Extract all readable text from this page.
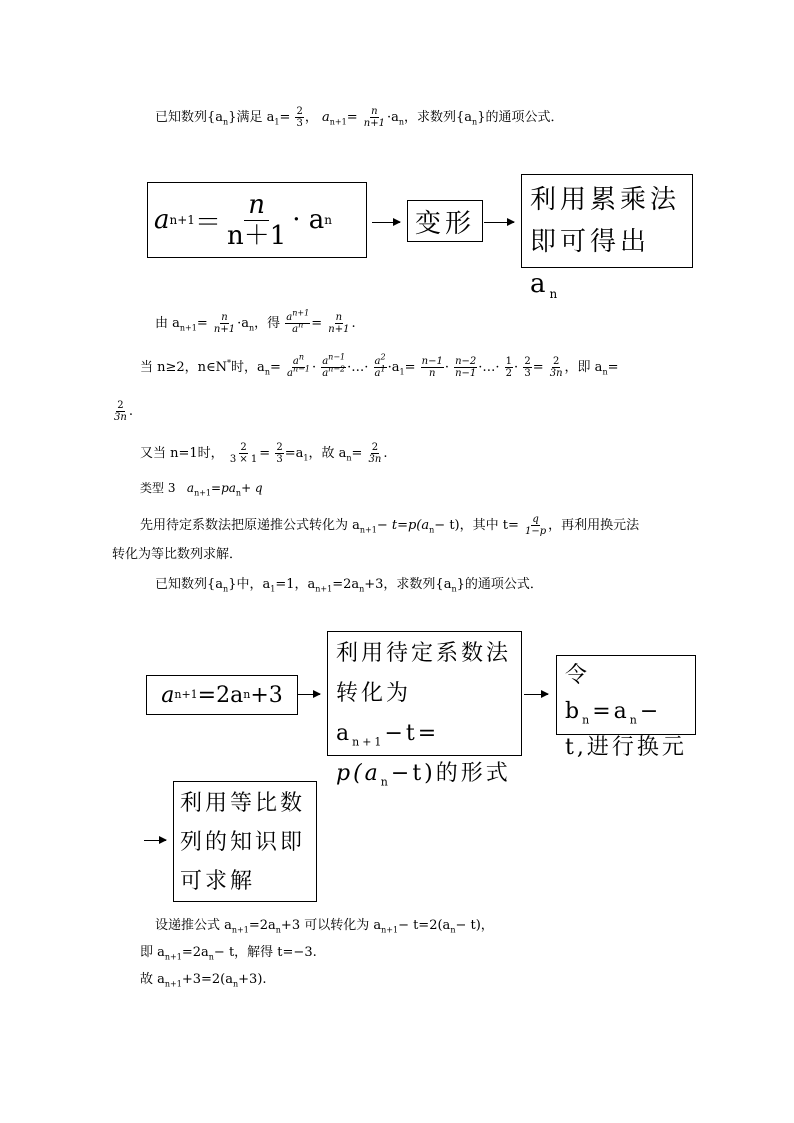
已知数列$\{a_n\}$满足 $a_1= \frac{2}{3}$ ， $a_{n+1}= \frac{n}{n+1} \cdot a_n$，求数列$\{a_n\}$的通项公式．
a $n+1 = \frac{n}{n+1} \cdot a$ n	变形
利用累乘法
即可得出 $a_n$
由 $a_{n+1}= \frac{n}{n+1} \cdot a_n$，得 $\frac{a^{n+1}}{a^n} = \frac{n}{n+1}$ .
当 n≥2，n∈N*时，$a_n= \frac{a^n}{a^{n-1}} \cdot \frac{a^{n-1}}{a^{n-2}}$ ·…· $\frac{a^2}{a^1} \cdot a_1= \frac{n-1}{n} \cdot \frac{n-2}{n-1}$ ·…· $\frac{1}{2} \cdot \frac{2}{3} = \frac{2}{3n}$ ，即 $a_n=$
$\frac{2}{3n}$ .
又当 n=1时， $\frac{2}{3 \times 1} = \frac{2}{3} =a_1$，故 $a_n= \frac{2}{3n}$ .
类型 3 $a_{n+1}=pa_n+ q$
先用待定系数法把原递推公式转化为 $a_{n+1}- t=p(a_n- t)$，其中 $t= \frac{q}{1-p}$ ，再利用换元法
转化为等比数列求解．
已知数列$\{a_n\}$中，$a_1=1$，$a_{n+1}=2a_n+3$，求数列$\{a_n\}$的通项公式．
a n+1 =2a n +3
利用待定系数法
转化为 $a_{n+1}-t=$
$p(a_n-t)$的形式
令 $b_n=a_n-$
t,进行换元
利用等比数
列的知识即
可求解
设递推公式 $a_{n+1}=2a_n+3$ 可以转化为 $a_{n+1}- t=2(a_n- t)$，
即 $a_{n+1}=2a_n- t$，解得 t=−3.
故 $a_{n+1}+3=2(a_n+3)$.
